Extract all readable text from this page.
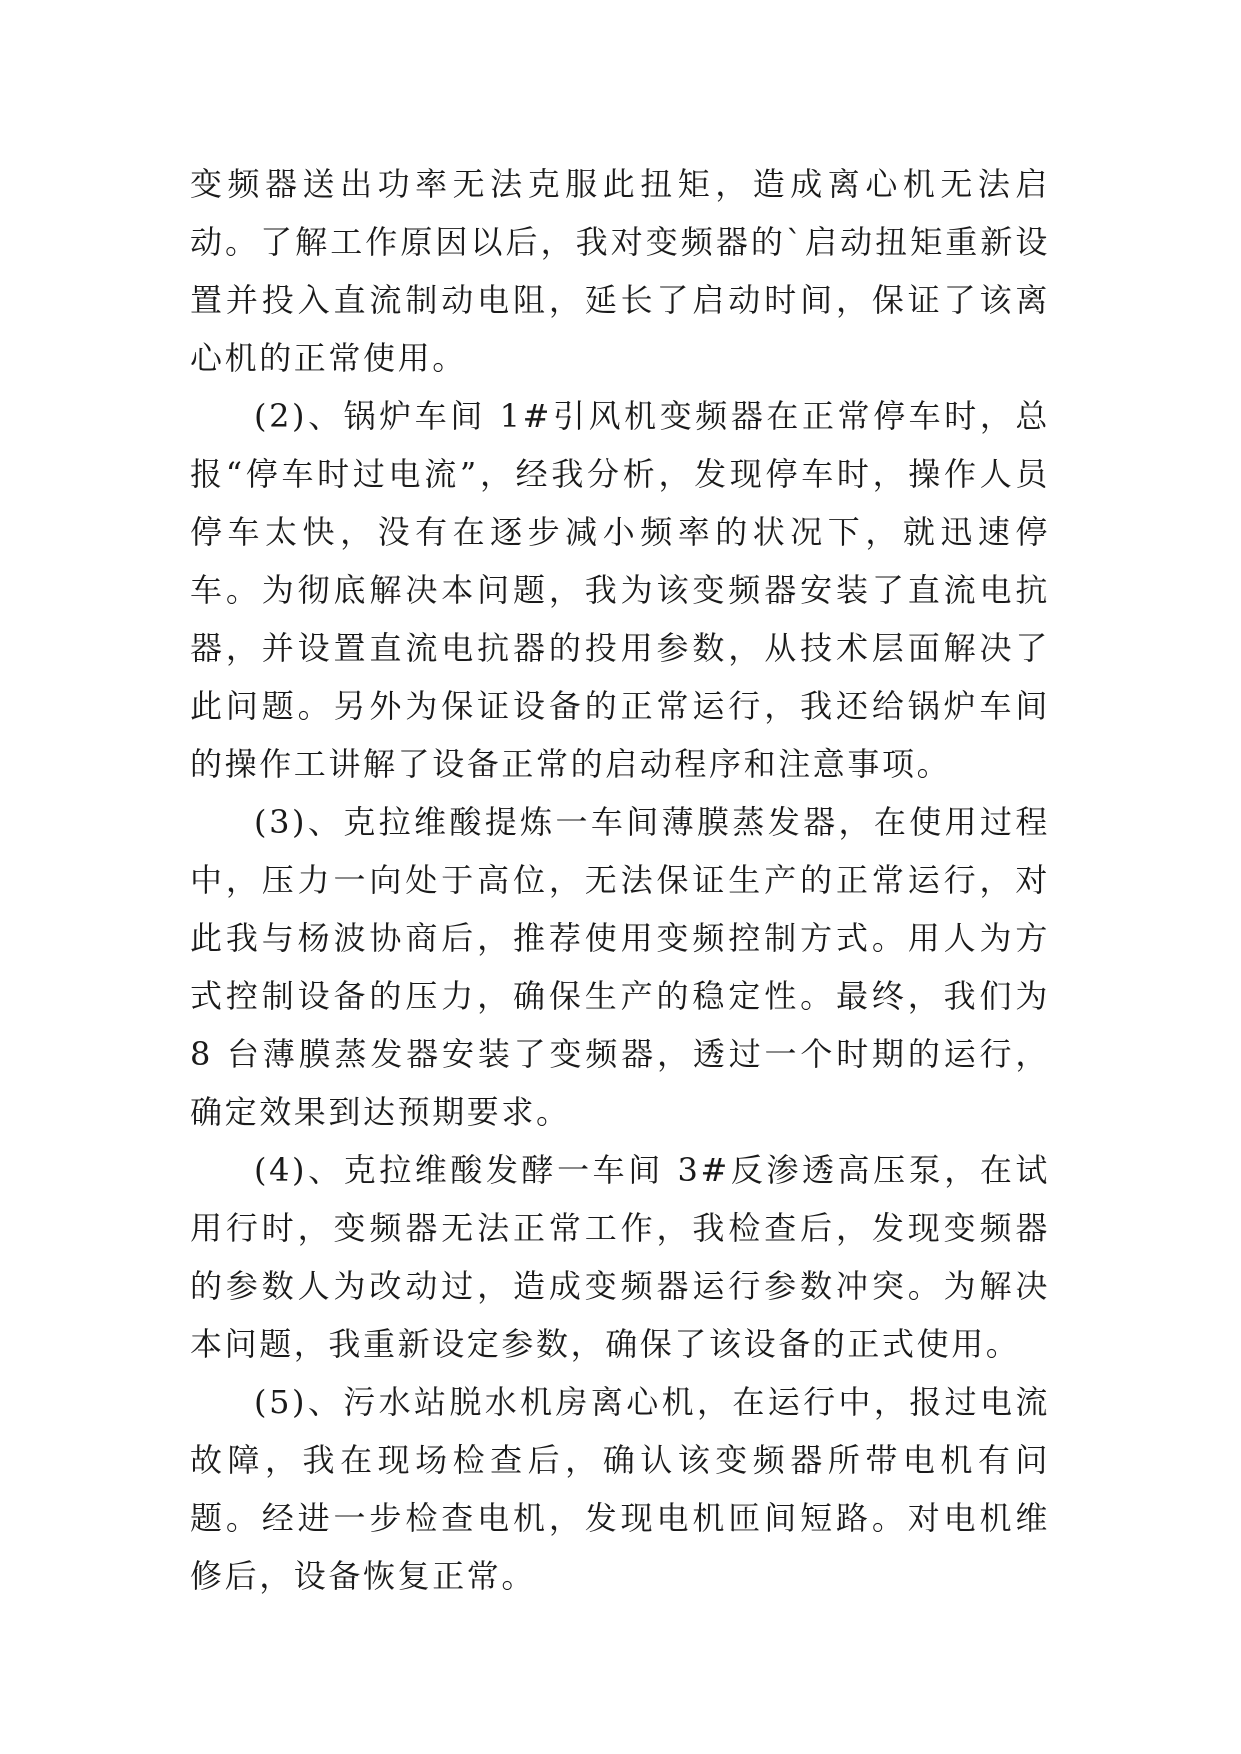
变频器送出功率无法克服此扭矩，造成离心机无法启动。了解工作原因以后，我对变频器的`启动扭矩重新设置并投入直流制动电阻，延长了启动时间，保证了该离心机的正常使用。

(2)、锅炉车间 1#引风机变频器在正常停车时，总报“停车时过电流”，经我分析，发现停车时，操作人员停车太快，没有在逐步减小频率的状况下，就迅速停车。为彻底解决本问题，我为该变频器安装了直流电抗器，并设置直流电抗器的投用参数，从技术层面解决了此问题。另外为保证设备的正常运行，我还给锅炉车间的操作工讲解了设备正常的启动程序和注意事项。

(3)、克拉维酸提炼一车间薄膜蒸发器，在使用过程中，压力一向处于高位，无法保证生产的正常运行，对此我与杨波协商后，推荐使用变频控制方式。用人为方式控制设备的压力，确保生产的稳定性。最终，我们为 8 台薄膜蒸发器安装了变频器，透过一个时期的运行，确定效果到达预期要求。

(4)、克拉维酸发酵一车间 3#反渗透高压泵，在试用行时，变频器无法正常工作，我检查后，发现变频器的参数人为改动过，造成变频器运行参数冲突。为解决本问题，我重新设定参数，确保了该设备的正式使用。

(5)、污水站脱水机房离心机，在运行中，报过电流故障，我在现场检查后，确认该变频器所带电机有问题。经进一步检查电机，发现电机匝间短路。对电机维修后，设备恢复正常。
